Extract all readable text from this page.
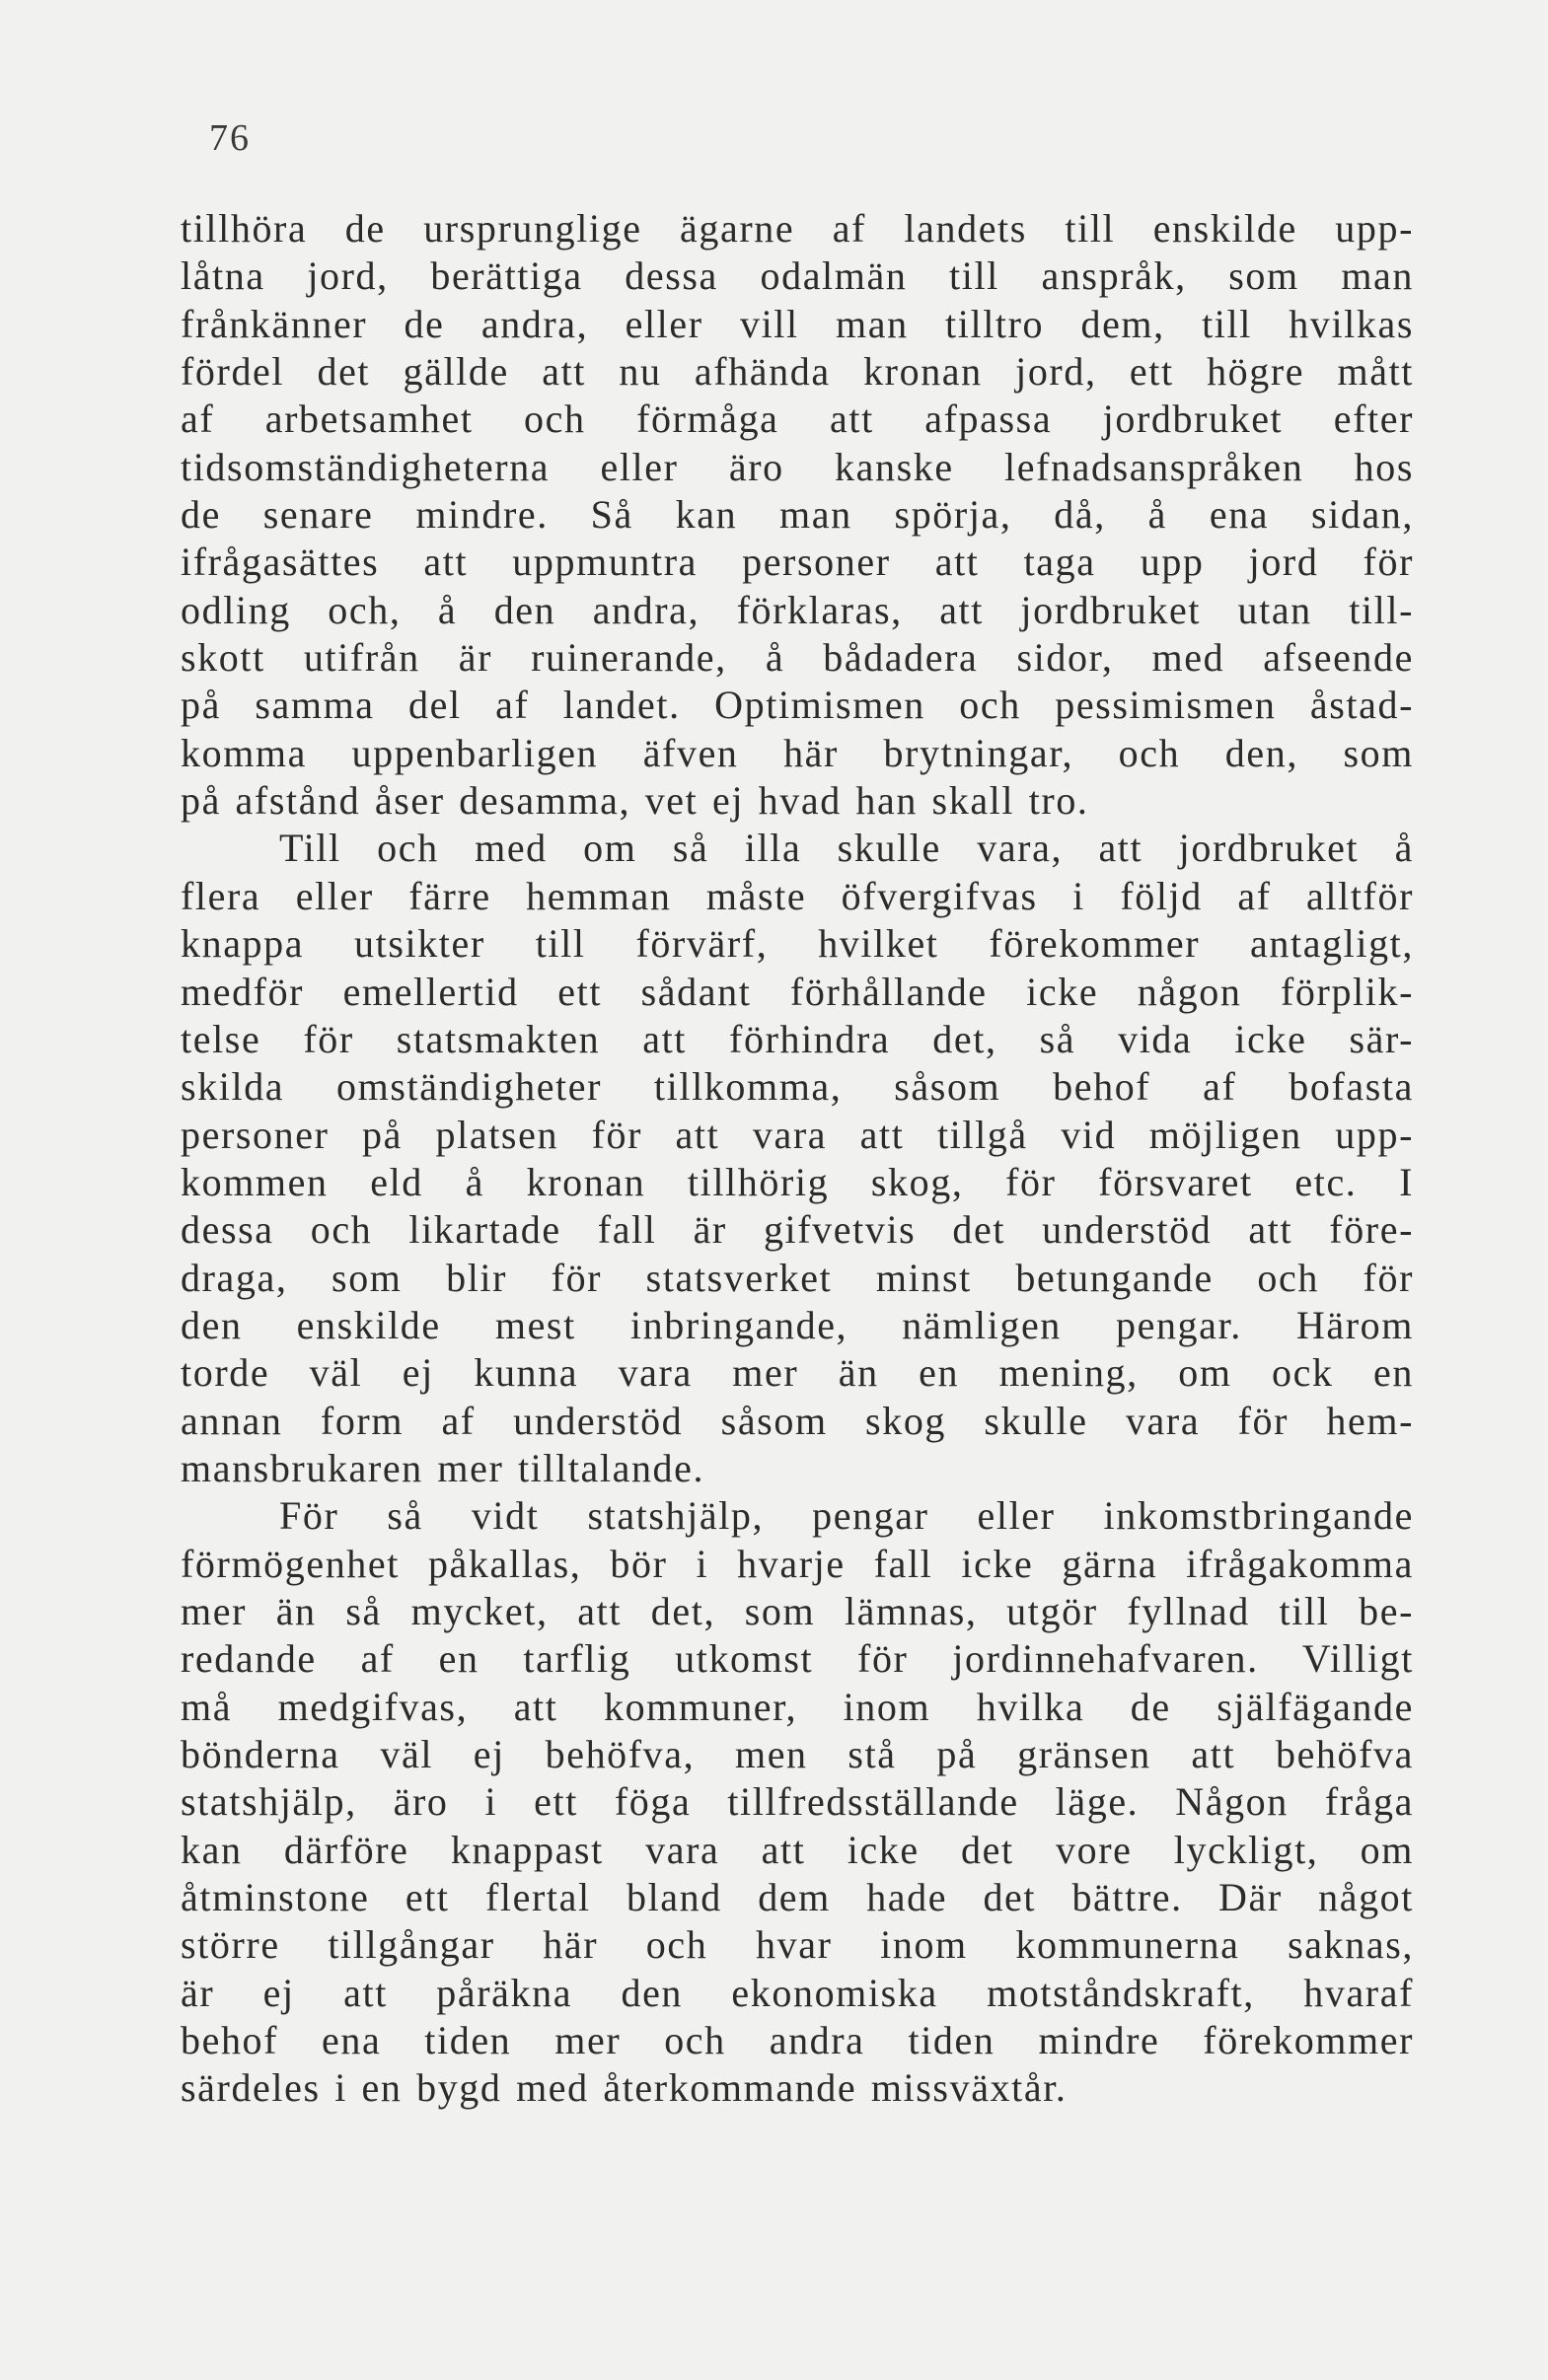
76
tillhöra de ursprunglige ägarne af landets till enskilde upp-
låtna jord, berättiga dessa odalmän till anspråk, som man
frånkänner de andra, eller vill man tilltro dem, till hvilkas
fördel det gällde att nu afhända kronan jord, ett högre mått
af arbetsamhet och förmåga att afpassa jordbruket efter
tidsomständigheterna eller äro kanske lefnadsanspråken hos
de senare mindre. Så kan man spörja, då, å ena sidan,
ifrågasättes att uppmuntra personer att taga upp jord för
odling och, å den andra, förklaras, att jordbruket utan till-
skott utifrån är ruinerande, å bådadera sidor, med afseende
på samma del af landet. Optimismen och pessimismen åstad-
komma uppenbarligen äfven här brytningar, och den, som
på afstånd åser desamma, vet ej hvad han skall tro.
Till och med om så illa skulle vara, att jordbruket å
flera eller färre hemman måste öfvergifvas i följd af alltför
knappa utsikter till förvärf, hvilket förekommer antagligt,
medför emellertid ett sådant förhållande icke någon förplik-
telse för statsmakten att förhindra det, så vida icke sär-
skilda omständigheter tillkomma, såsom behof af bofasta
personer på platsen för att vara att tillgå vid möjligen upp-
kommen eld å kronan tillhörig skog, för försvaret etc. I
dessa och likartade fall är gifvetvis det understöd att före-
draga, som blir för statsverket minst betungande och för
den enskilde mest inbringande, nämligen pengar. Härom
torde väl ej kunna vara mer än en mening, om ock en
annan form af understöd såsom skog skulle vara för hem-
mansbrukaren mer tilltalande.
För så vidt statshjälp, pengar eller inkomstbringande
förmögenhet påkallas, bör i hvarje fall icke gärna ifrågakomma
mer än så mycket, att det, som lämnas, utgör fyllnad till be-
redande af en tarflig utkomst för jordinnehafvaren. Villigt
må medgifvas, att kommuner, inom hvilka de själfägande
bönderna väl ej behöfva, men stå på gränsen att behöfva
statshjälp, äro i ett föga tillfredsställande läge. Någon fråga
kan därföre knappast vara att icke det vore lyckligt, om
åtminstone ett flertal bland dem hade det bättre. Där något
större tillgångar här och hvar inom kommunerna saknas,
är ej att påräkna den ekonomiska motståndskraft, hvaraf
behof ena tiden mer och andra tiden mindre förekommer
särdeles i en bygd med återkommande missväxtår.
